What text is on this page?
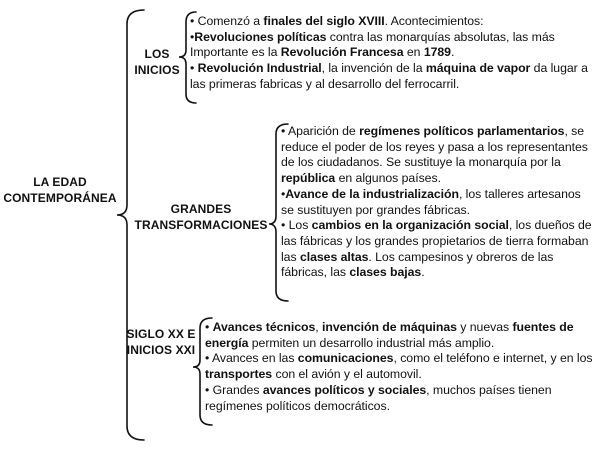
LA EDAD CONTEMPORÁNEA
LOS INICIOS
GRANDES TRANSFORMACIONES
SIGLO XX E INICIOS XXI
• Comenzó a finales del siglo XVIII. Acontecimientos:
•Revoluciones políticas contra las monarquías absolutas, las más Importante es la Revolución Francesa en 1789.
• Revolución Industrial, la invención de la máquina de vapor da lugar a las primeras fabricas y al desarrollo del ferrocarril.
• Aparición de regímenes políticos parlamentarios, se reduce el poder de los reyes y pasa a los representantes de los ciudadanos. Se sustituye la monarquía por la república en algunos países.
•Avance de la industrialización, los talleres artesanos se sustituyen por grandes fábricas.
• Los cambios en la organización social, los dueños de las fábricas y los grandes propietarios de tierra formaban las clases altas. Los campesinos y obreros de las fábricas, las clases bajas.
• Avances técnicos, invención de máquinas y nuevas fuentes de energía permiten un desarrollo industrial más amplio.
• Avances en las comunicaciones, como el teléfono e internet, y en los transportes con el avión y el automovil.
• Grandes avances políticos y sociales, muchos países tienen regímenes políticos democráticos.
